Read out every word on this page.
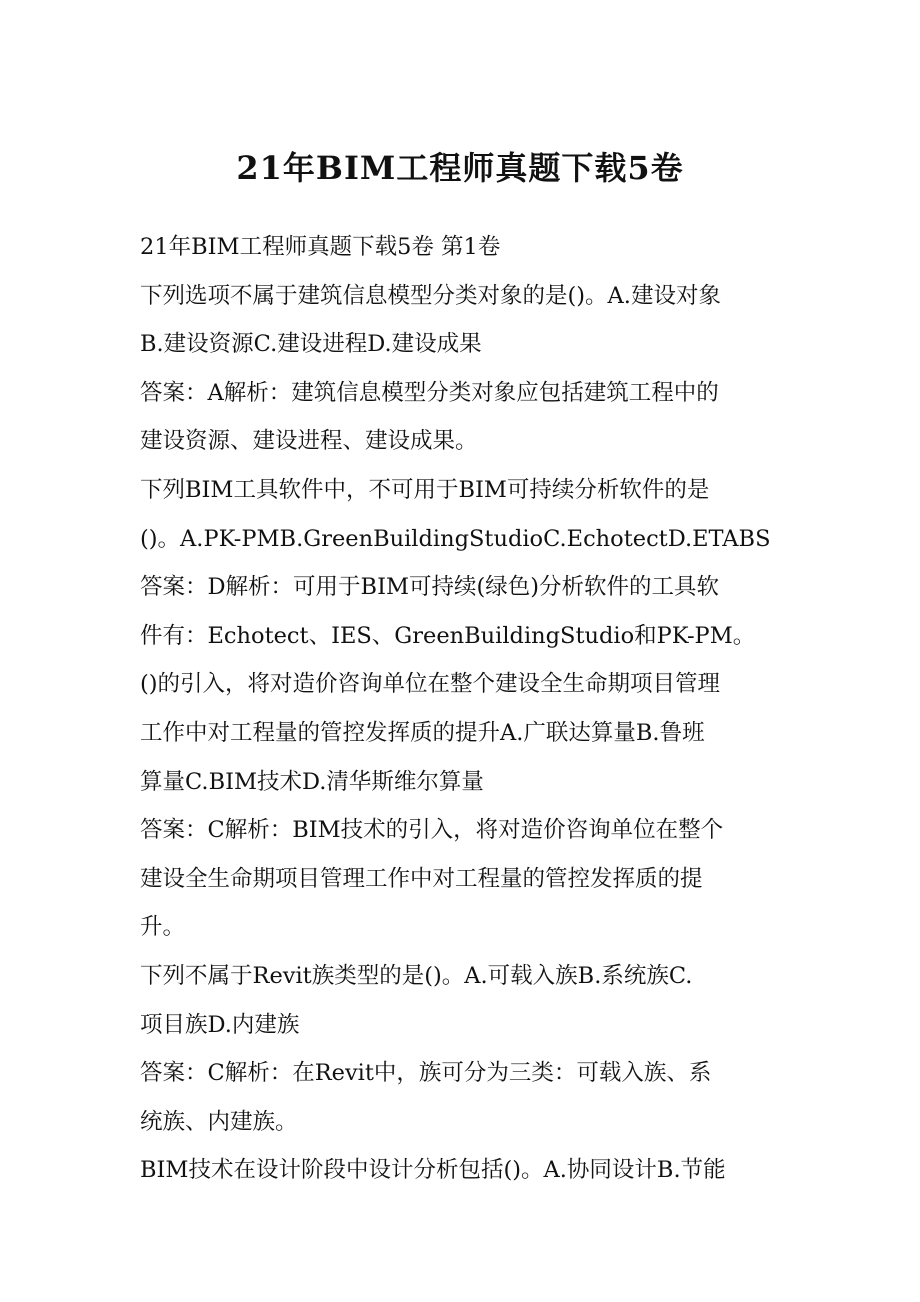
21年BIM工程师真题下载5卷
21年BIM工程师真题下载5卷 第1卷
下列选项不属于建筑信息模型分类对象的是()。A.建设对象
B.建设资源C.建设进程D.建设成果
答案：A解析：建筑信息模型分类对象应包括建筑工程中的
建设资源、建设进程、建设成果。
下列BIM工具软件中，不可用于BIM可持续分析软件的是
()。A.PK-PMB.GreenBuildingStudioC.EchotectD.ETABS
答案：D解析：可用于BIM可持续(绿色)分析软件的工具软
件有：Echotect、IES、GreenBuildingStudio和PK-PM。
()的引入，将对造价咨询单位在整个建设全生命期项目管理
工作中对工程量的管控发挥质的提升A.广联达算量B.鲁班
算量C.BIM技术D.清华斯维尔算量
答案：C解析：BIM技术的引入，将对造价咨询单位在整个
建设全生命期项目管理工作中对工程量的管控发挥质的提
升。
下列不属于Revit族类型的是()。A.可载入族B.系统族C.
项目族D.内建族
答案：C解析：在Revit中，族可分为三类：可载入族、系
统族、内建族。
BIM技术在设计阶段中设计分析包括()。A.协同设计B.节能
